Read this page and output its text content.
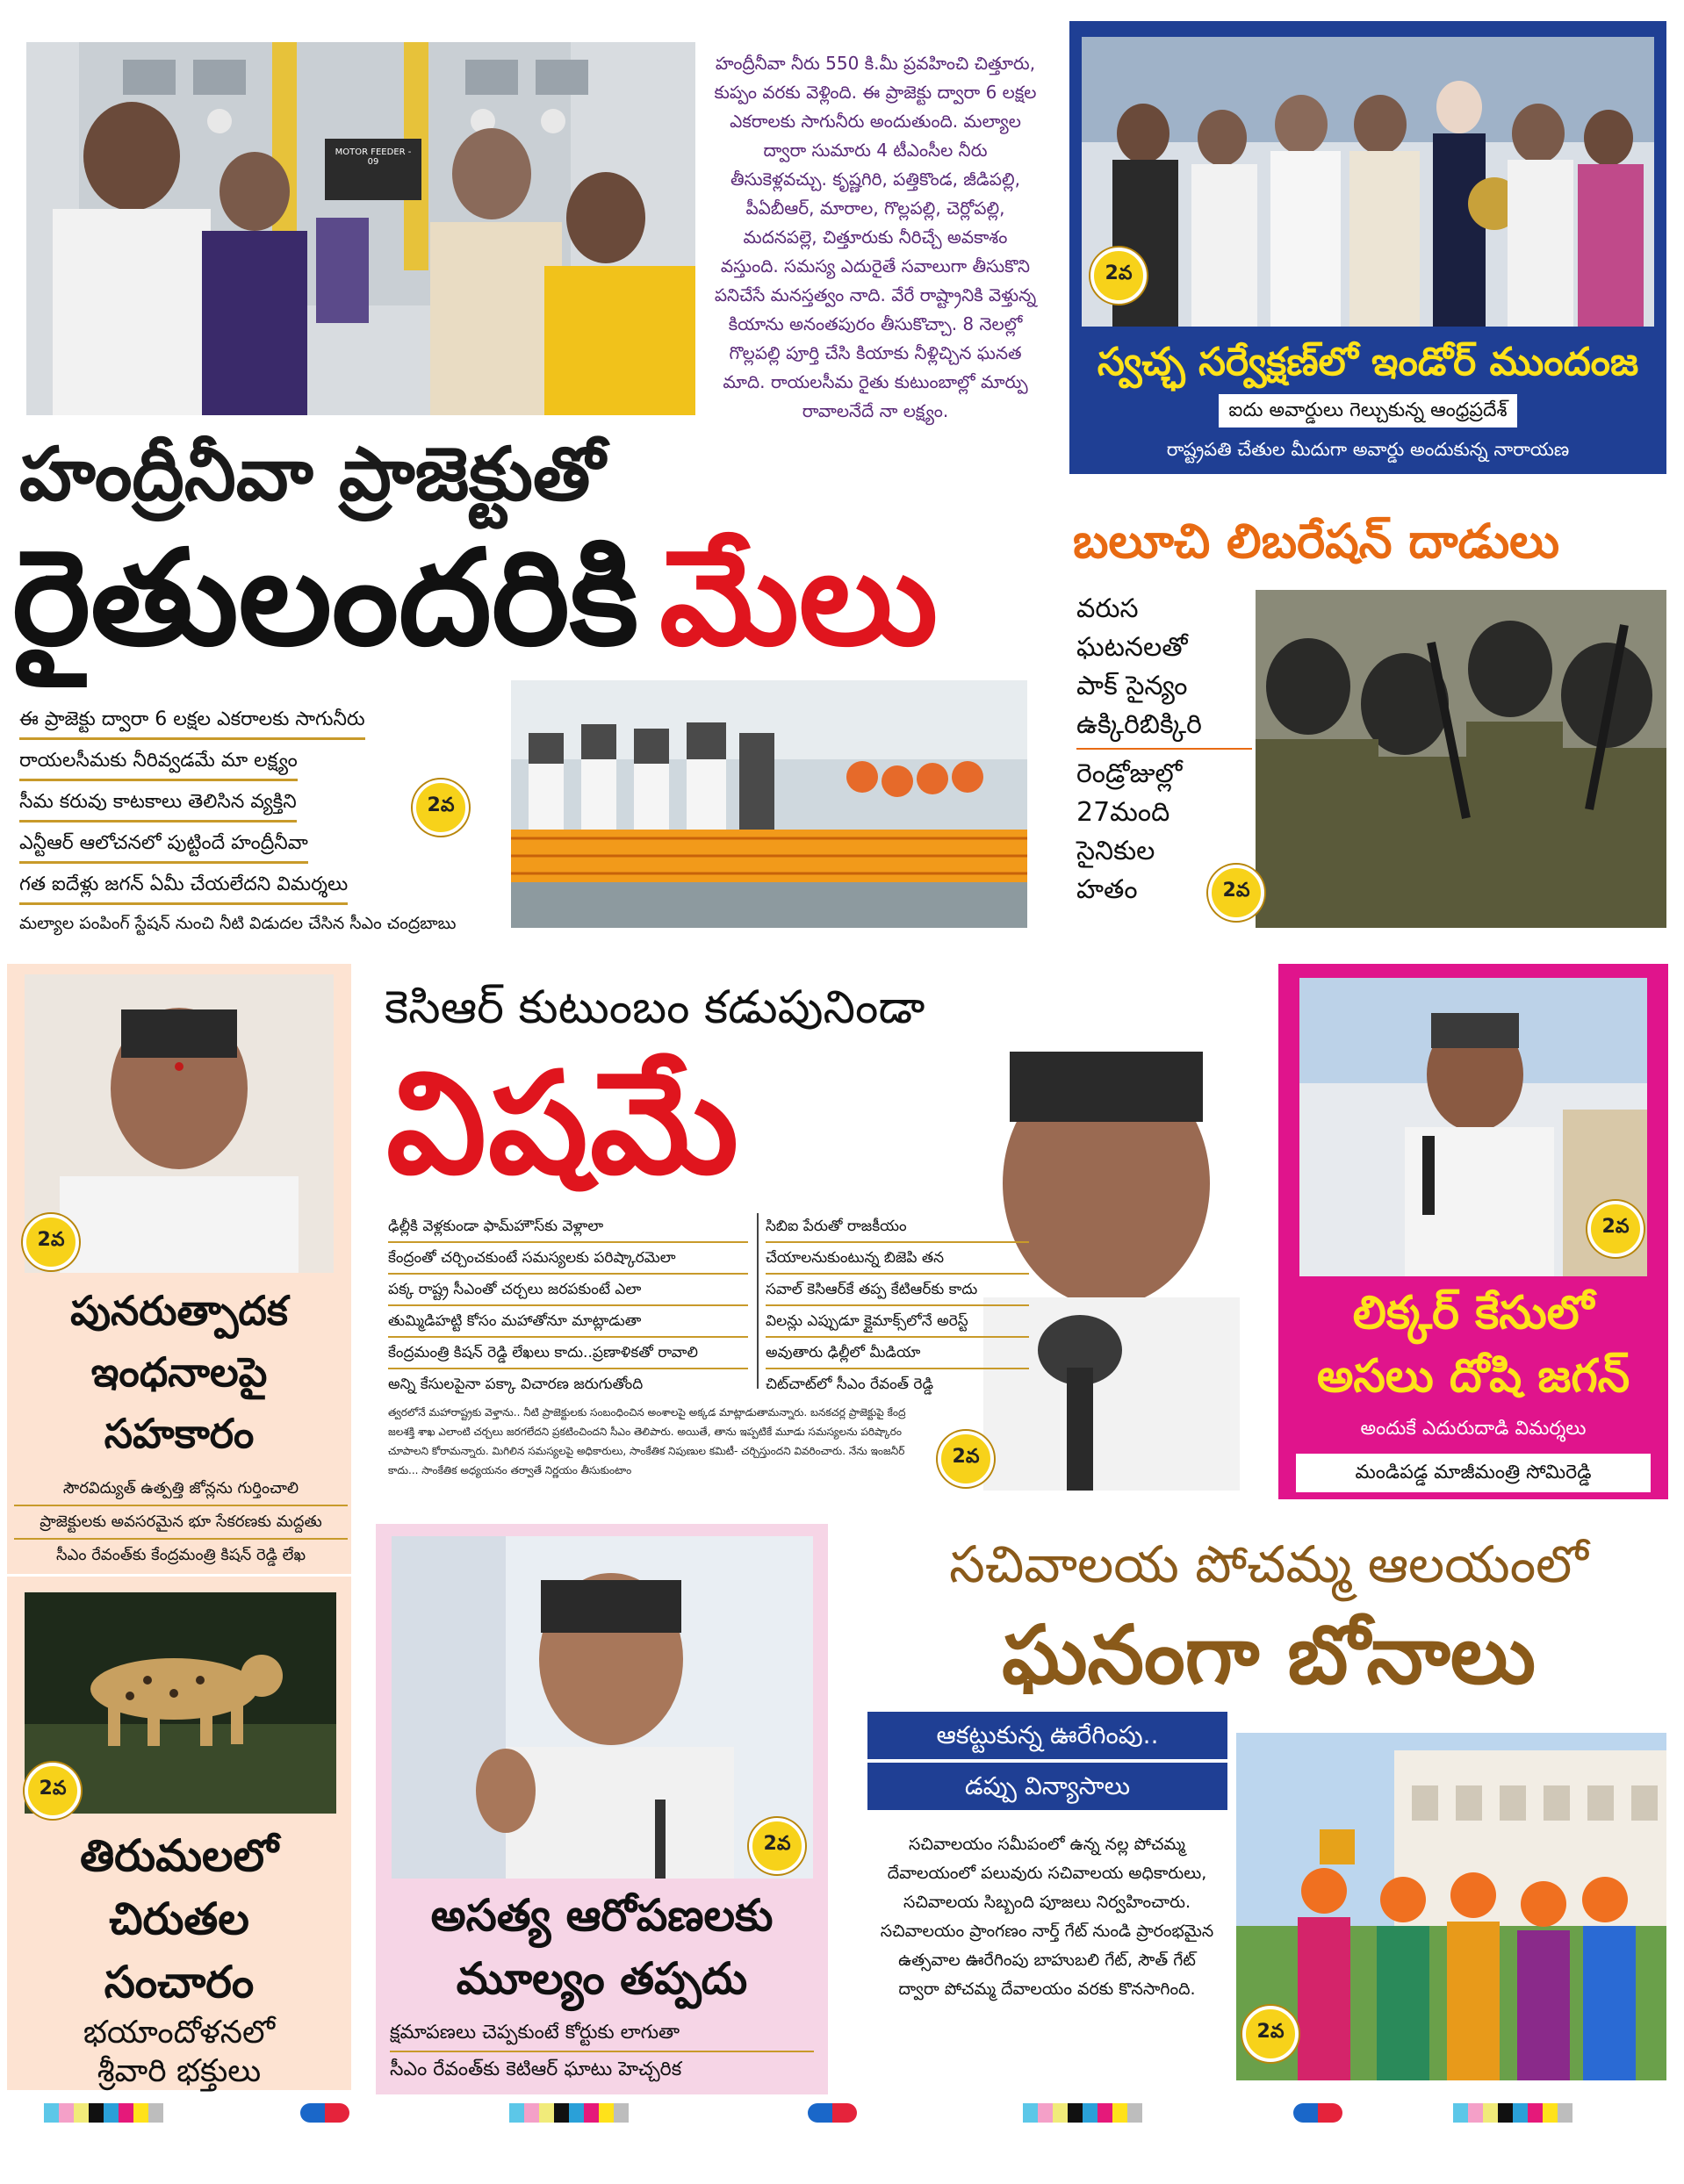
MOTOR FEEDER - 09
హంద్రీనీవా నీరు 550 కి.మీ ప్రవహించి చిత్తూరు, కుప్పం వరకు వెళ్లింది. ఈ ప్రాజెక్టు ద్వారా 6 లక్షల ఎకరాలకు సాగునీరు అందుతుంది. మల్యాల ద్వారా సుమారు 4 టీఎంసీల నీరు తీసుకెళ్లవచ్చు. కృష్ణగిరి, పత్తికొండ, జీడిపల్లి, పీఏబీఆర్, మారాల, గొల్లపల్లి, చెర్లోపల్లి, మదనపల్లె, చిత్తూరుకు నీరిచ్చే అవకాశం వస్తుంది. సమస్య ఎదురైతే సవాలుగా తీసుకొని పనిచేసే మనస్తత్వం నాది. వేరే రాష్ట్రానికి వెళ్తున్న కియాను అనంతపురం తీసుకొచ్చా. 8 నెలల్లో గొల్లపల్లి పూర్తి చేసి కియాకు నీళ్లిచ్చిన ఘనత మాది. రాయలసీమ రైతు కుటుంబాల్లో మార్పు రావాలనేదే నా లక్ష్యం.
హంద్రీనీవా ప్రాజెక్టుతో
రైతులందరికి మేలు
ఈ ప్రాజెక్టు ద్వారా 6 లక్షల ఎకరాలకు సాగునీరు
రాయలసీమకు నీరివ్వడమే మా లక్ష్యం
సీమ కరువు కాటకాలు తెలిసిన వ్యక్తిని
ఎన్టీఆర్ ఆలోచనలో పుట్టిందే హంద్రీనీవా
గత ఐదేళ్లు జగన్ ఏమీ చేయలేదని విమర్శలు
మల్యాల పంపింగ్ స్టేషన్ నుంచి నీటి విడుదల చేసిన సీఎం చంద్రబాబు
2వ
2వ
స్వచ్ఛ సర్వేక్షణ్‌లో ఇండోర్ ముందంజ
ఐదు అవార్డులు గెల్చుకున్న ఆంధ్రప్రదేశ్
రాష్ట్రపతి చేతుల మీదుగా అవార్డు అందుకున్న నారాయణ
బలూచి లిబరేషన్ దాడులు
వరుస
ఘటనలతో
పాక్ సైన్యం
ఉక్కిరిబిక్కిరి
రెండ్రోజుల్లో
27మంది
సైనికుల
హతం	2వ
2వ
పునరుత్పాదక
ఇంధనాలపై
సహకారం
సౌరవిద్యుత్ ఉత్పత్తి జోన్లను గుర్తించాలి
ప్రాజెక్టులకు అవసరమైన భూ సేకరణకు మద్దతు
సీఎం రేవంత్‌కు కేంద్రమంత్రి కిషన్ రెడ్డి లేఖ
2వ
తిరుమలలో
చిరుతల
సంచారం
భయాందోళనలో
శ్రీవారి భక్తులు
కెసిఆర్ కుటుంబం కడుపునిండా
విషమే
2వ
ఢిల్లీకి వెళ్లకుండా ఫామ్‌హౌస్‌కు వెళ్లాలా
కేంద్రంతో చర్చించకుంటే సమస్యలకు పరిష్కారమెలా
పక్క రాష్ట్ర సీఎంతో చర్చలు జరపకుంటే ఎలా
తుమ్మిడిహట్టి కోసం మహాతోనూ మాట్లాడుతా
కేంద్రమంత్రి కిషన్ రెడ్డి లేఖలు కాదు..ప్రణాళికతో రావాలి
అన్ని కేసులపైనా పక్కా విచారణ జరుగుతోంది
సిబిఐ పేరుతో రాజకీయం
చేయాలనుకుంటున్న బిజెపి తన
సవాల్ కెసిఆర్‌కే తప్ప కేటిఆర్‌కు కాదు
విలన్లు ఎప్పుడూ క్లైమాక్స్‌లోనే అరెస్ట్
అవుతారు ఢిల్లీలో మీడియా
చిట్‌చాట్‌లో సీఎం రేవంత్ రెడ్డి
త్వరలోనే మహారాష్ట్రకు వెళ్తాను.. నీటి ప్రాజెక్టులకు సంబంధించిన అంశాలపై అక్కడ మాట్లాడుతామన్నారు. బనకచర్ల ప్రాజెక్టుపై కేంద్ర జలశక్తి శాఖ ఎలాంటి చర్చలు జరగలేదని ప్రకటించిందని సీఎం తెలిపారు. అయితే, తాను ఇప్పటికే మూడు సమస్యలను పరిష్కారం చూపాలని కోరామన్నారు. మిగిలిన సమస్యలపై అధికారులు, సాంకేతిక నిపుణుల కమిటీ- చర్చిస్తుందని వివరించారు. నేను ఇంజనీర్ కాదు... సాంకేతిక అధ్యయనం తర్వాతే నిర్ణయం తీసుకుంటాం
2వ
లిక్కర్ కేసులో
అసలు దోషి జగన్
అందుకే ఎదురుదాడి విమర్శలు
మండిపడ్డ మాజీమంత్రి సోమిరెడ్డి
2వ
అసత్య ఆరోపణలకు
మూల్యం తప్పదు
క్షమాపణలు చెప్పకుంటే కోర్టుకు లాగుతా
సీఎం రేవంత్‌కు కెటిఆర్ ఘాటు హెచ్చరిక
సచివాలయ పోచమ్మ ఆలయంలో
ఘనంగా బోనాలు
ఆకట్టుకున్న ఊరేగింపు..
డప్పు విన్యాసాలు
సచివాలయం సమీపంలో ఉన్న నల్ల పోచమ్మ దేవాలయంలో పలువురు సచివాలయ అధికారులు, సచివాలయ సిబ్బంది పూజలు నిర్వహించారు. సచివాలయం ప్రాంగణం నార్త్ గేట్ నుండి ప్రారంభమైన ఉత్సవాల ఊరేగింపు బాహుబలి గేట్, సౌత్ గేట్ ద్వారా పోచమ్మ దేవాలయం వరకు కొనసాగింది.
2వ
